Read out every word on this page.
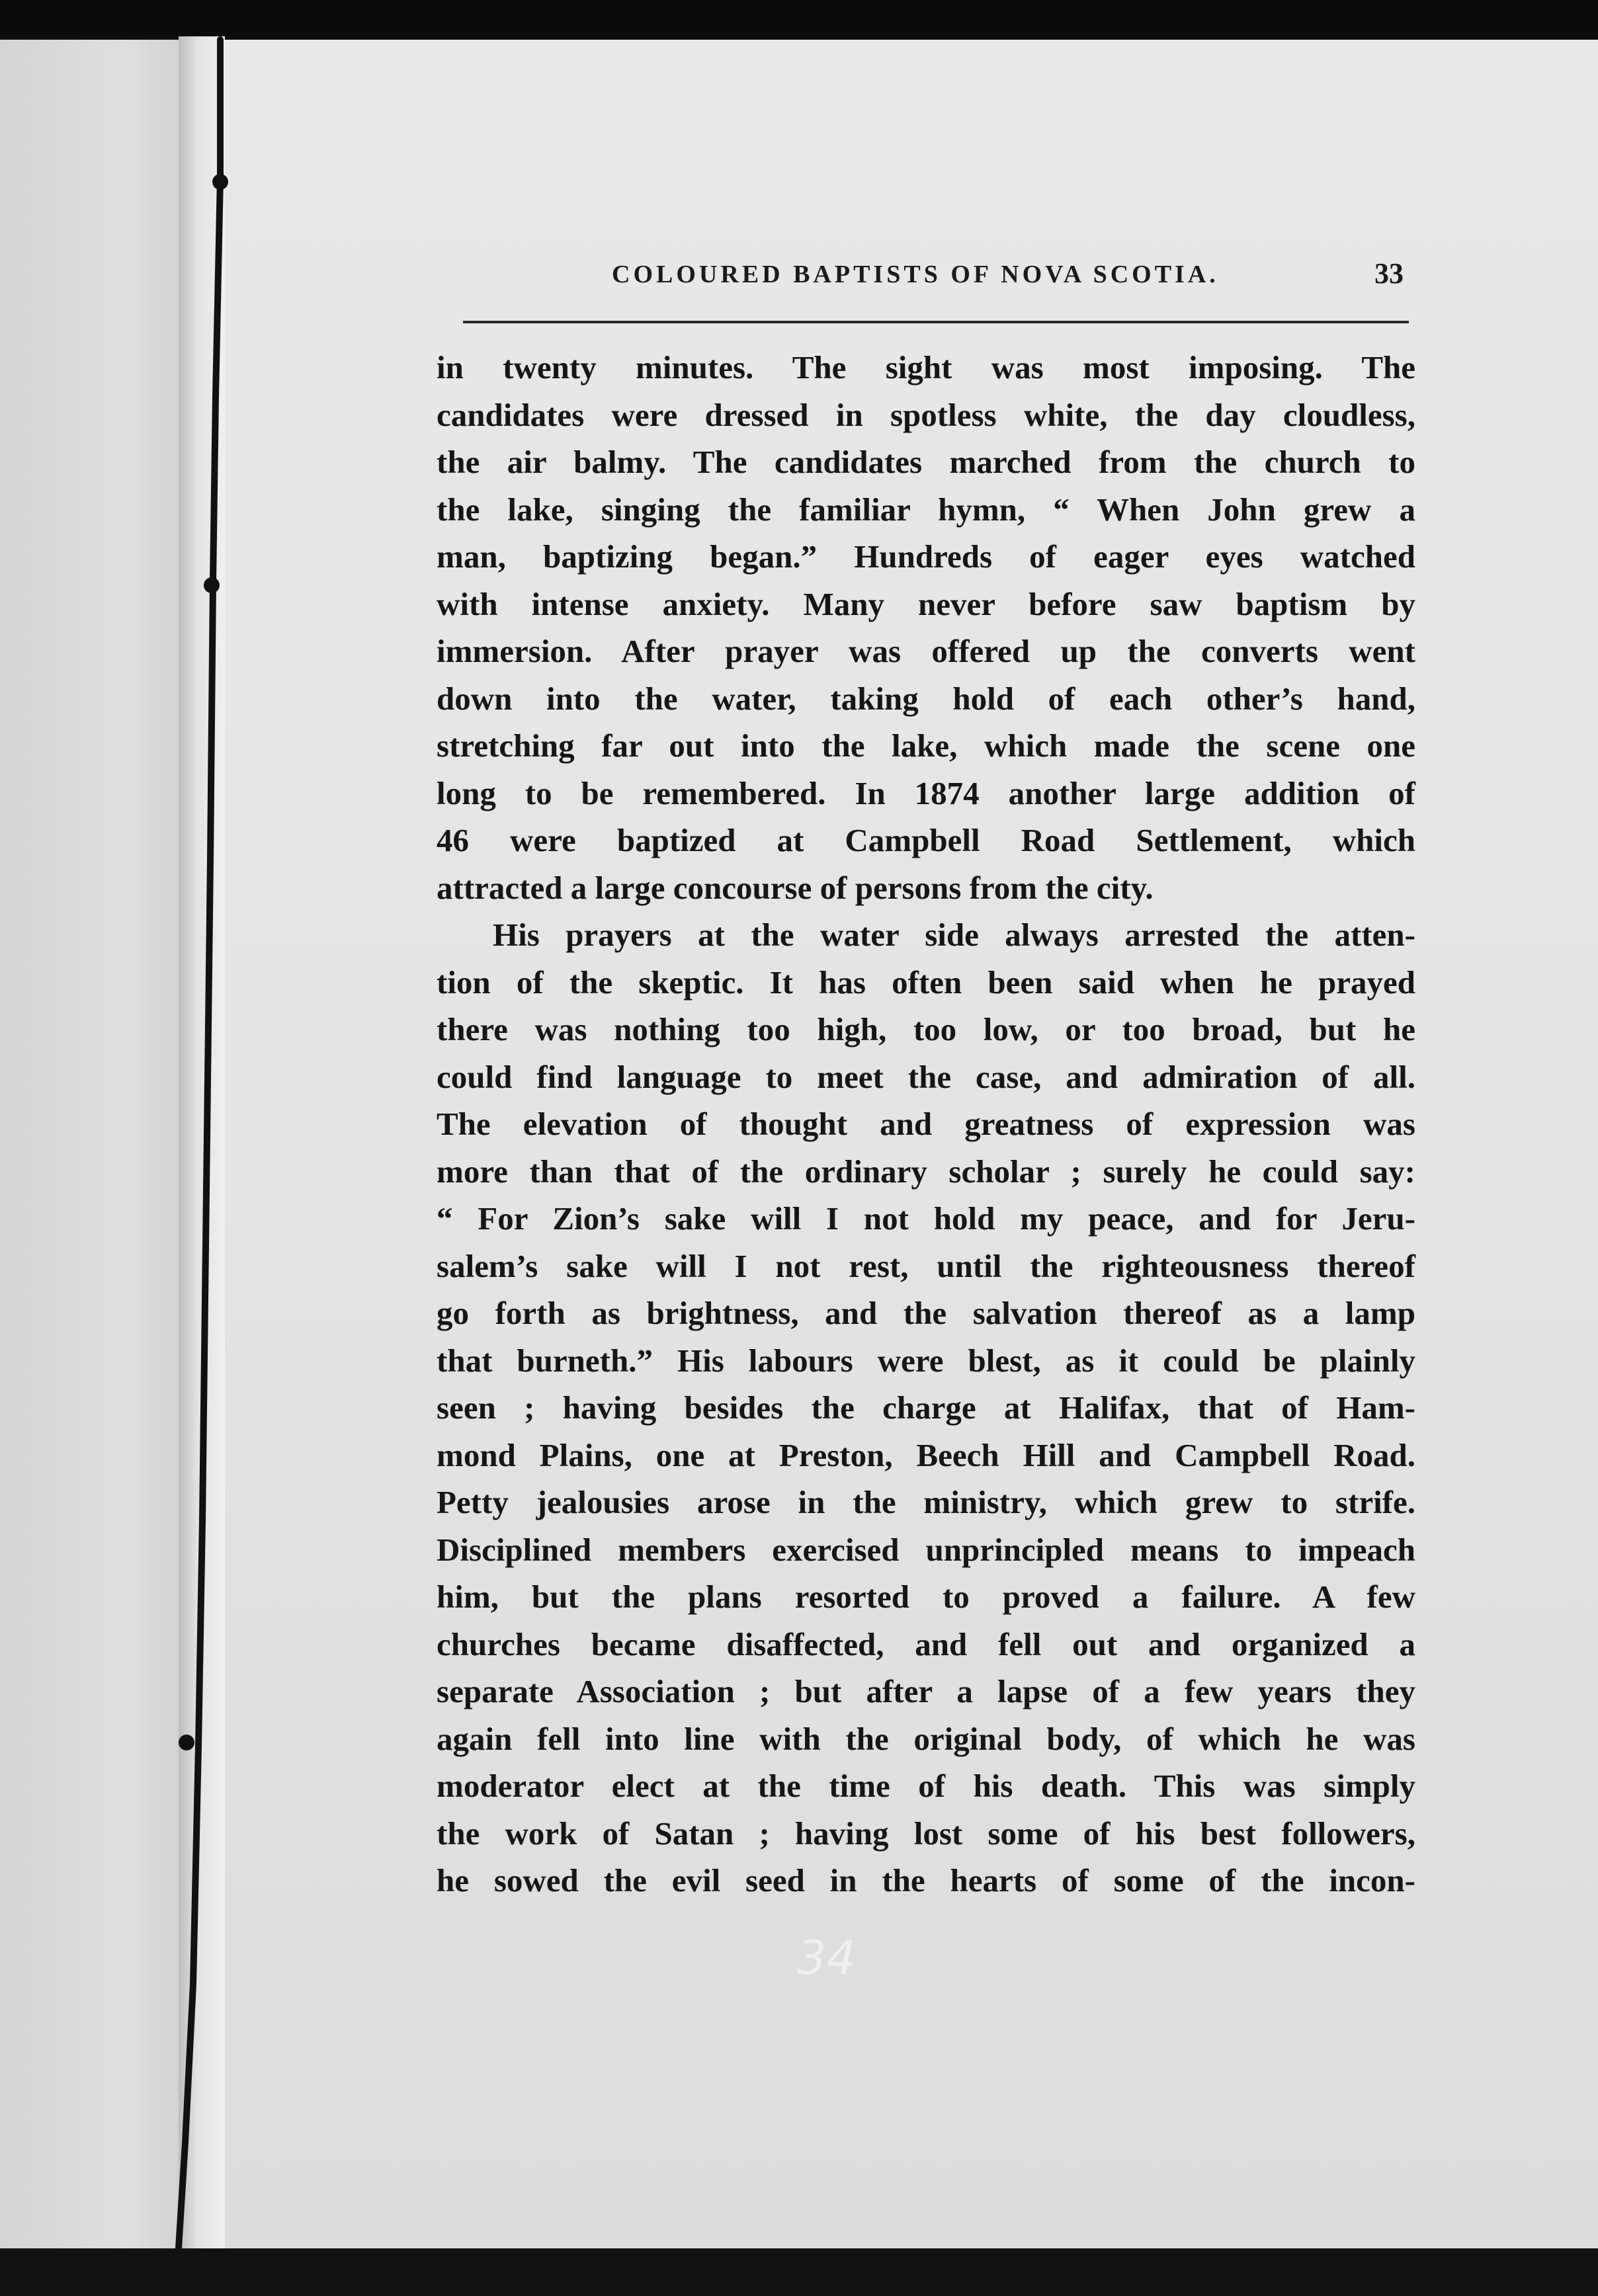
COLOURED BAPTISTS OF NOVA SCOTIA.	33
in twenty minutes. The sight was most imposing. The
candidates were dressed in spotless white, the day cloudless,
the air balmy. The candidates marched from the church to
the lake, singing the familiar hymn, “ When John grew a
man, baptizing began.” Hundreds of eager eyes watched
with intense anxiety. Many never before saw baptism by
immersion. After prayer was offered up the converts went
down into the water, taking hold of each other’s hand,
stretching far out into the lake, which made the scene one
long to be remembered. In 1874 another large addition of
46 were baptized at Campbell Road Settlement, which
attracted a large concourse of persons from the city.
His prayers at the water side always arrested the atten-
tion of the skeptic. It has often been said when he prayed
there was nothing too high, too low, or too broad, but he
could find language to meet the case, and admiration of all.
The elevation of thought and greatness of expression was
more than that of the ordinary scholar ; surely he could say:
“ For Zion’s sake will I not hold my peace, and for Jeru-
salem’s sake will I not rest, until the righteousness thereof
go forth as brightness, and the salvation thereof as a lamp
that burneth.” His labours were blest, as it could be plainly
seen ; having besides the charge at Halifax, that of Ham-
mond Plains, one at Preston, Beech Hill and Campbell Road.
Petty jealousies arose in the ministry, which grew to strife.
Disciplined members exercised unprincipled means to impeach
him, but the plans resorted to proved a failure. A few
churches became disaffected, and fell out and organized a
separate Association ; but after a lapse of a few years they
again fell into line with the original body, of which he was
moderator elect at the time of his death. This was simply
the work of Satan ; having lost some of his best followers,
he sowed the evil seed in the hearts of some of the incon-
34
